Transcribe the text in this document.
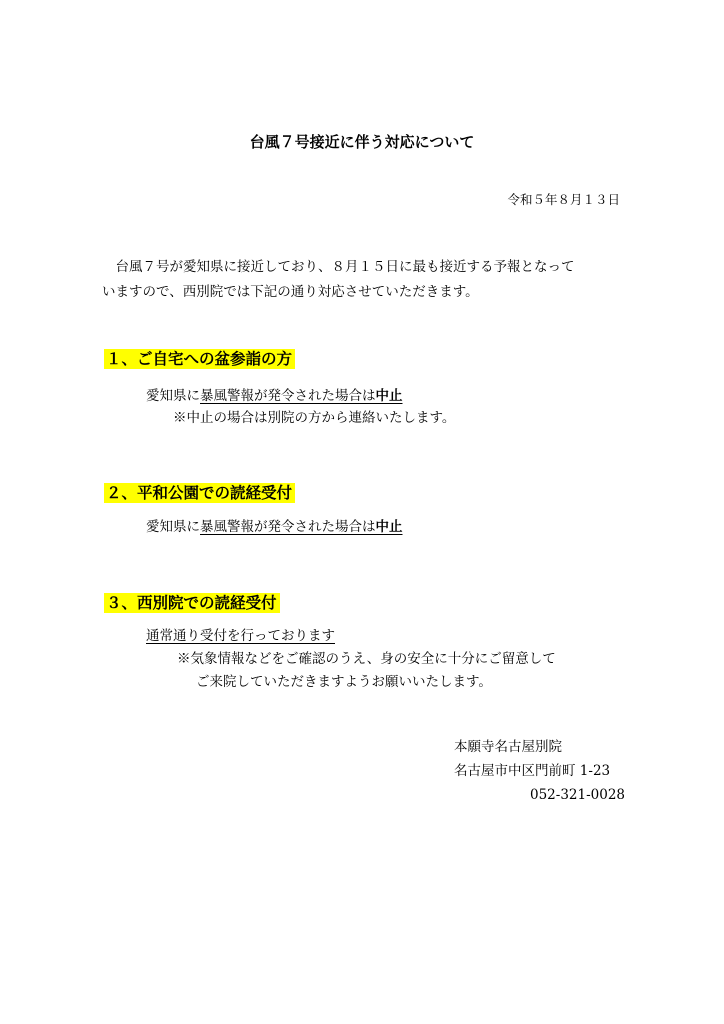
台風７号接近に伴う対応について
令和５年８月１３日

 台風７号が愛知県に接近しており、８月１５日に最も接近する予報となって

いますので、西別院では下記の通り対応させていただきます。

１、ご自宅への盆参詣の方
愛知県に暴風警報が発令された場合は中止
※中止の場合は別院の方から連絡いたします。
２、平和公園での読経受付
愛知県に暴風警報が発令された場合は中止
３、西別院での読経受付
通常通り受付を行っております
※気象情報などをご確認のうえ、身の安全に十分にご留意して
ご来院していただきますようお願いいたします。
本願寺名古屋別院
名古屋市中区門前町 1-23
052-321-0028
